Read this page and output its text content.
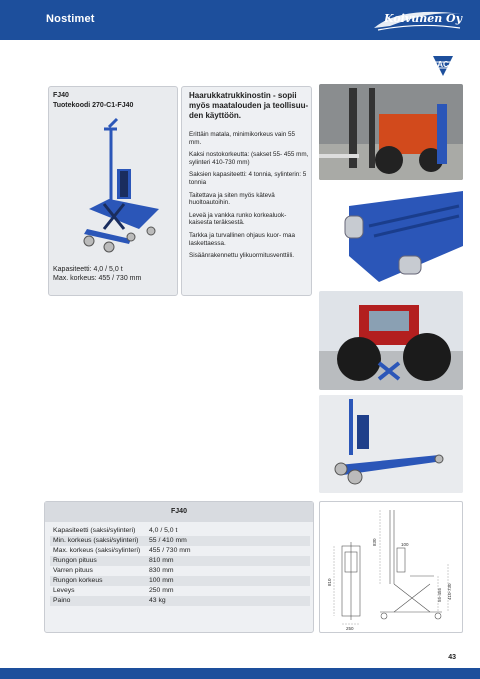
Nostimet	Koivunen Oy
AC
FJ40
Tuotekoodi 270-C1-FJ40
Kapasiteetti: 4,0 / 5,0 t
Max. korkeus: 455 / 730 mm
Haarukkatrukkinostin - sopii myös maatalouden ja teollisuu- den käyttöön.

Erittäin matala, minimikorkeus vain 55 mm.

Kaksi nostokorkeutta: (sakset 55- 455 mm, sylinteri 410-730 mm)

Saksien kapasiteetti: 4 tonnia, sylinterin: 5 tonnia

Taitettava ja siten myös kätevä huoltoautoihin.

Leveä ja vankka runko korkealuok- kaisesta teräksestä.

Tarkka ja turvallinen ohjaus kuor- maa laskettaessa.

Sisäänrakennettu ylikuormitusventtiili.

FJ40
Kapasiteetti (saksi/sylinteri) 4,0 / 5,0 t
Min. korkeus (saksi/sylinteri) 55 / 410 mm
Max. korkeus (saksi/sylinteri) 455 / 730 mm
Rungon pituus	810 mm
Varren pituus	830 mm
Rungon korkeus	100 mm
Leveys	250 mm
Paino	43 kg
830
810
250
55-455 410-730
100
43
